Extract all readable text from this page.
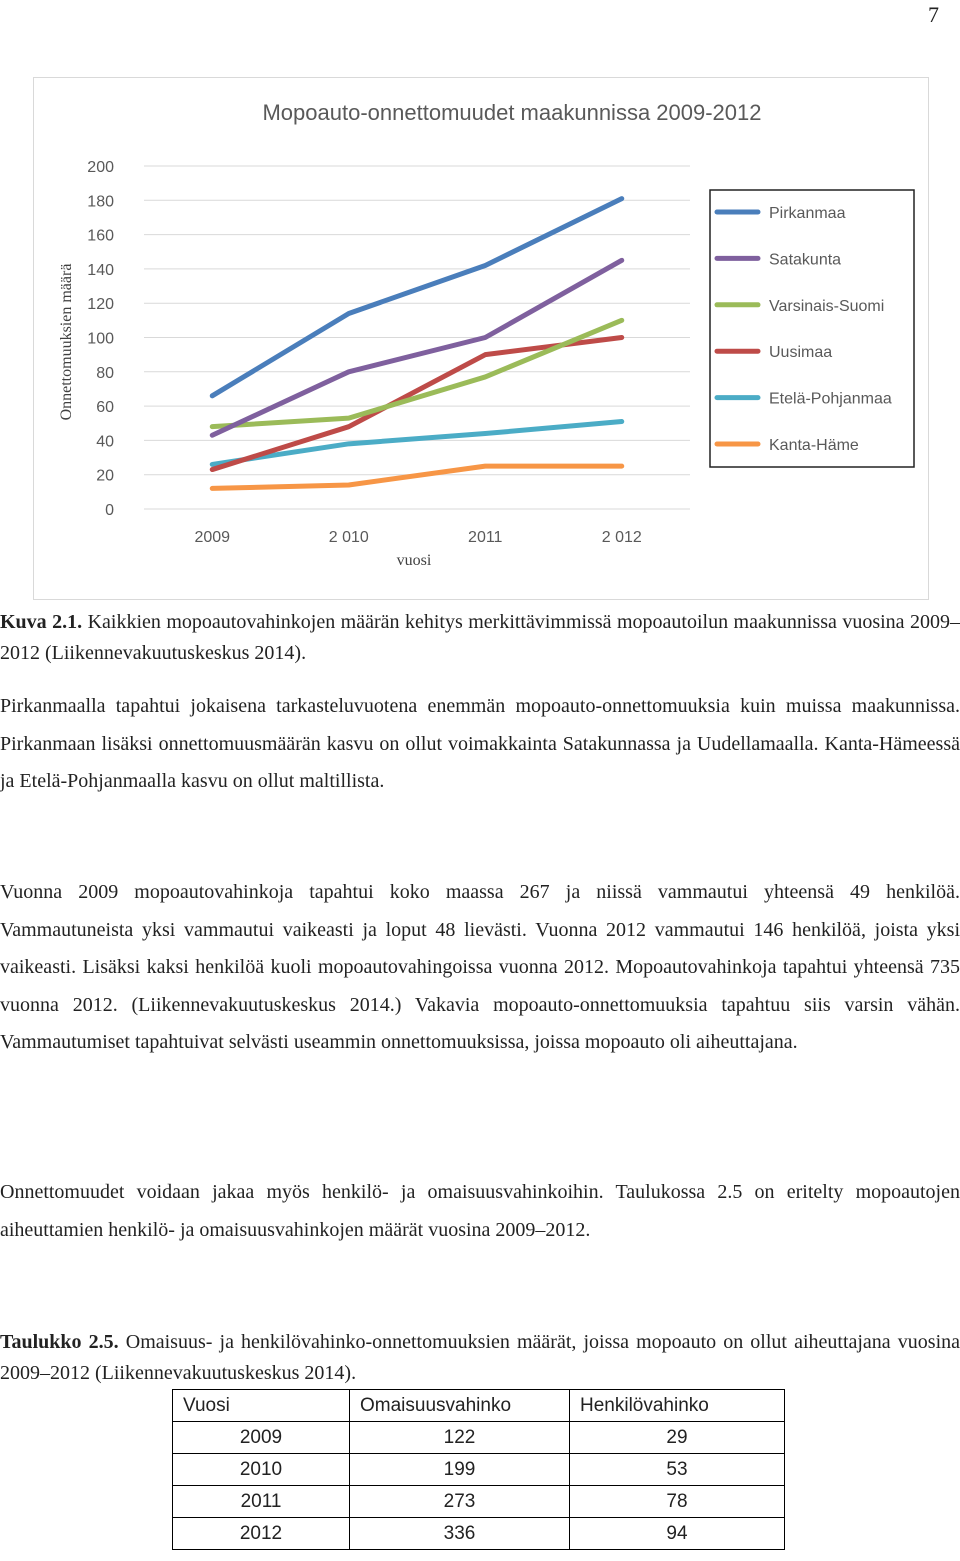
7
Mopoauto-onnettomuudet maakunnissa 2009-2012
Onnettomuuksien määrä
vuosi
0
20
40
60
80
100
120
140
160
180
200
2009	2 010	2011	2 012
Pirkanmaa
Satakunta
Varsinais-Suomi
Uusimaa
Etelä-Pohjanmaa
Kanta-Häme

Kuva 2.1. Kaikkien mopoautovahinkojen määrän kehitys merkittävimmissä mopoautoilun maakunnissa vuosina 2009–2012 (Liikennevakuutuskeskus 2014).

Pirkanmaalla tapahtui jokaisena tarkasteluvuotena enemmän mopoauto-onnettomuuksia kuin muissa maakunnissa. Pirkanmaan lisäksi onnettomuusmäärän kasvu on ollut voimakkainta Satakunnassa ja Uudellamaalla. Kanta-Hämeessä ja Etelä-Pohjanmaalla kasvu on ollut maltillista.

Vuonna 2009 mopoautovahinkoja tapahtui koko maassa 267 ja niissä vammautui yhteensä 49 henkilöä. Vammautuneista yksi vammautui vaikeasti ja loput 48 lievästi. Vuonna 2012 vammautui 146 henkilöä, joista yksi vaikeasti. Lisäksi kaksi henkilöä kuoli mopoautovahingoissa vuonna 2012. Mopoautovahinkoja tapahtui yhteensä 735 vuonna 2012. (Liikennevakuutuskeskus 2014.) Vakavia mopoauto-onnettomuuksia tapahtuu siis varsin vähän. Vammautumiset tapahtuivat selvästi useammin onnettomuuksissa, joissa mopoauto oli aiheuttajana.

Onnettomuudet voidaan jakaa myös henkilö- ja omaisuusvahinkoihin. Taulukossa 2.5 on eritelty mopoautojen aiheuttamien henkilö- ja omaisuusvahinkojen määrät vuosina 2009–2012.

Taulukko 2.5. Omaisuus- ja henkilövahinko-onnettomuuksien määrät, joissa mopoauto on ollut aiheuttajana vuosina 2009–2012 (Liikennevakuutuskeskus 2014).

Vuosi	Omaisuusvahinko	Henkilövahinko
2009	122	29
2010	199	53
2011	273	78
2012	336	94
